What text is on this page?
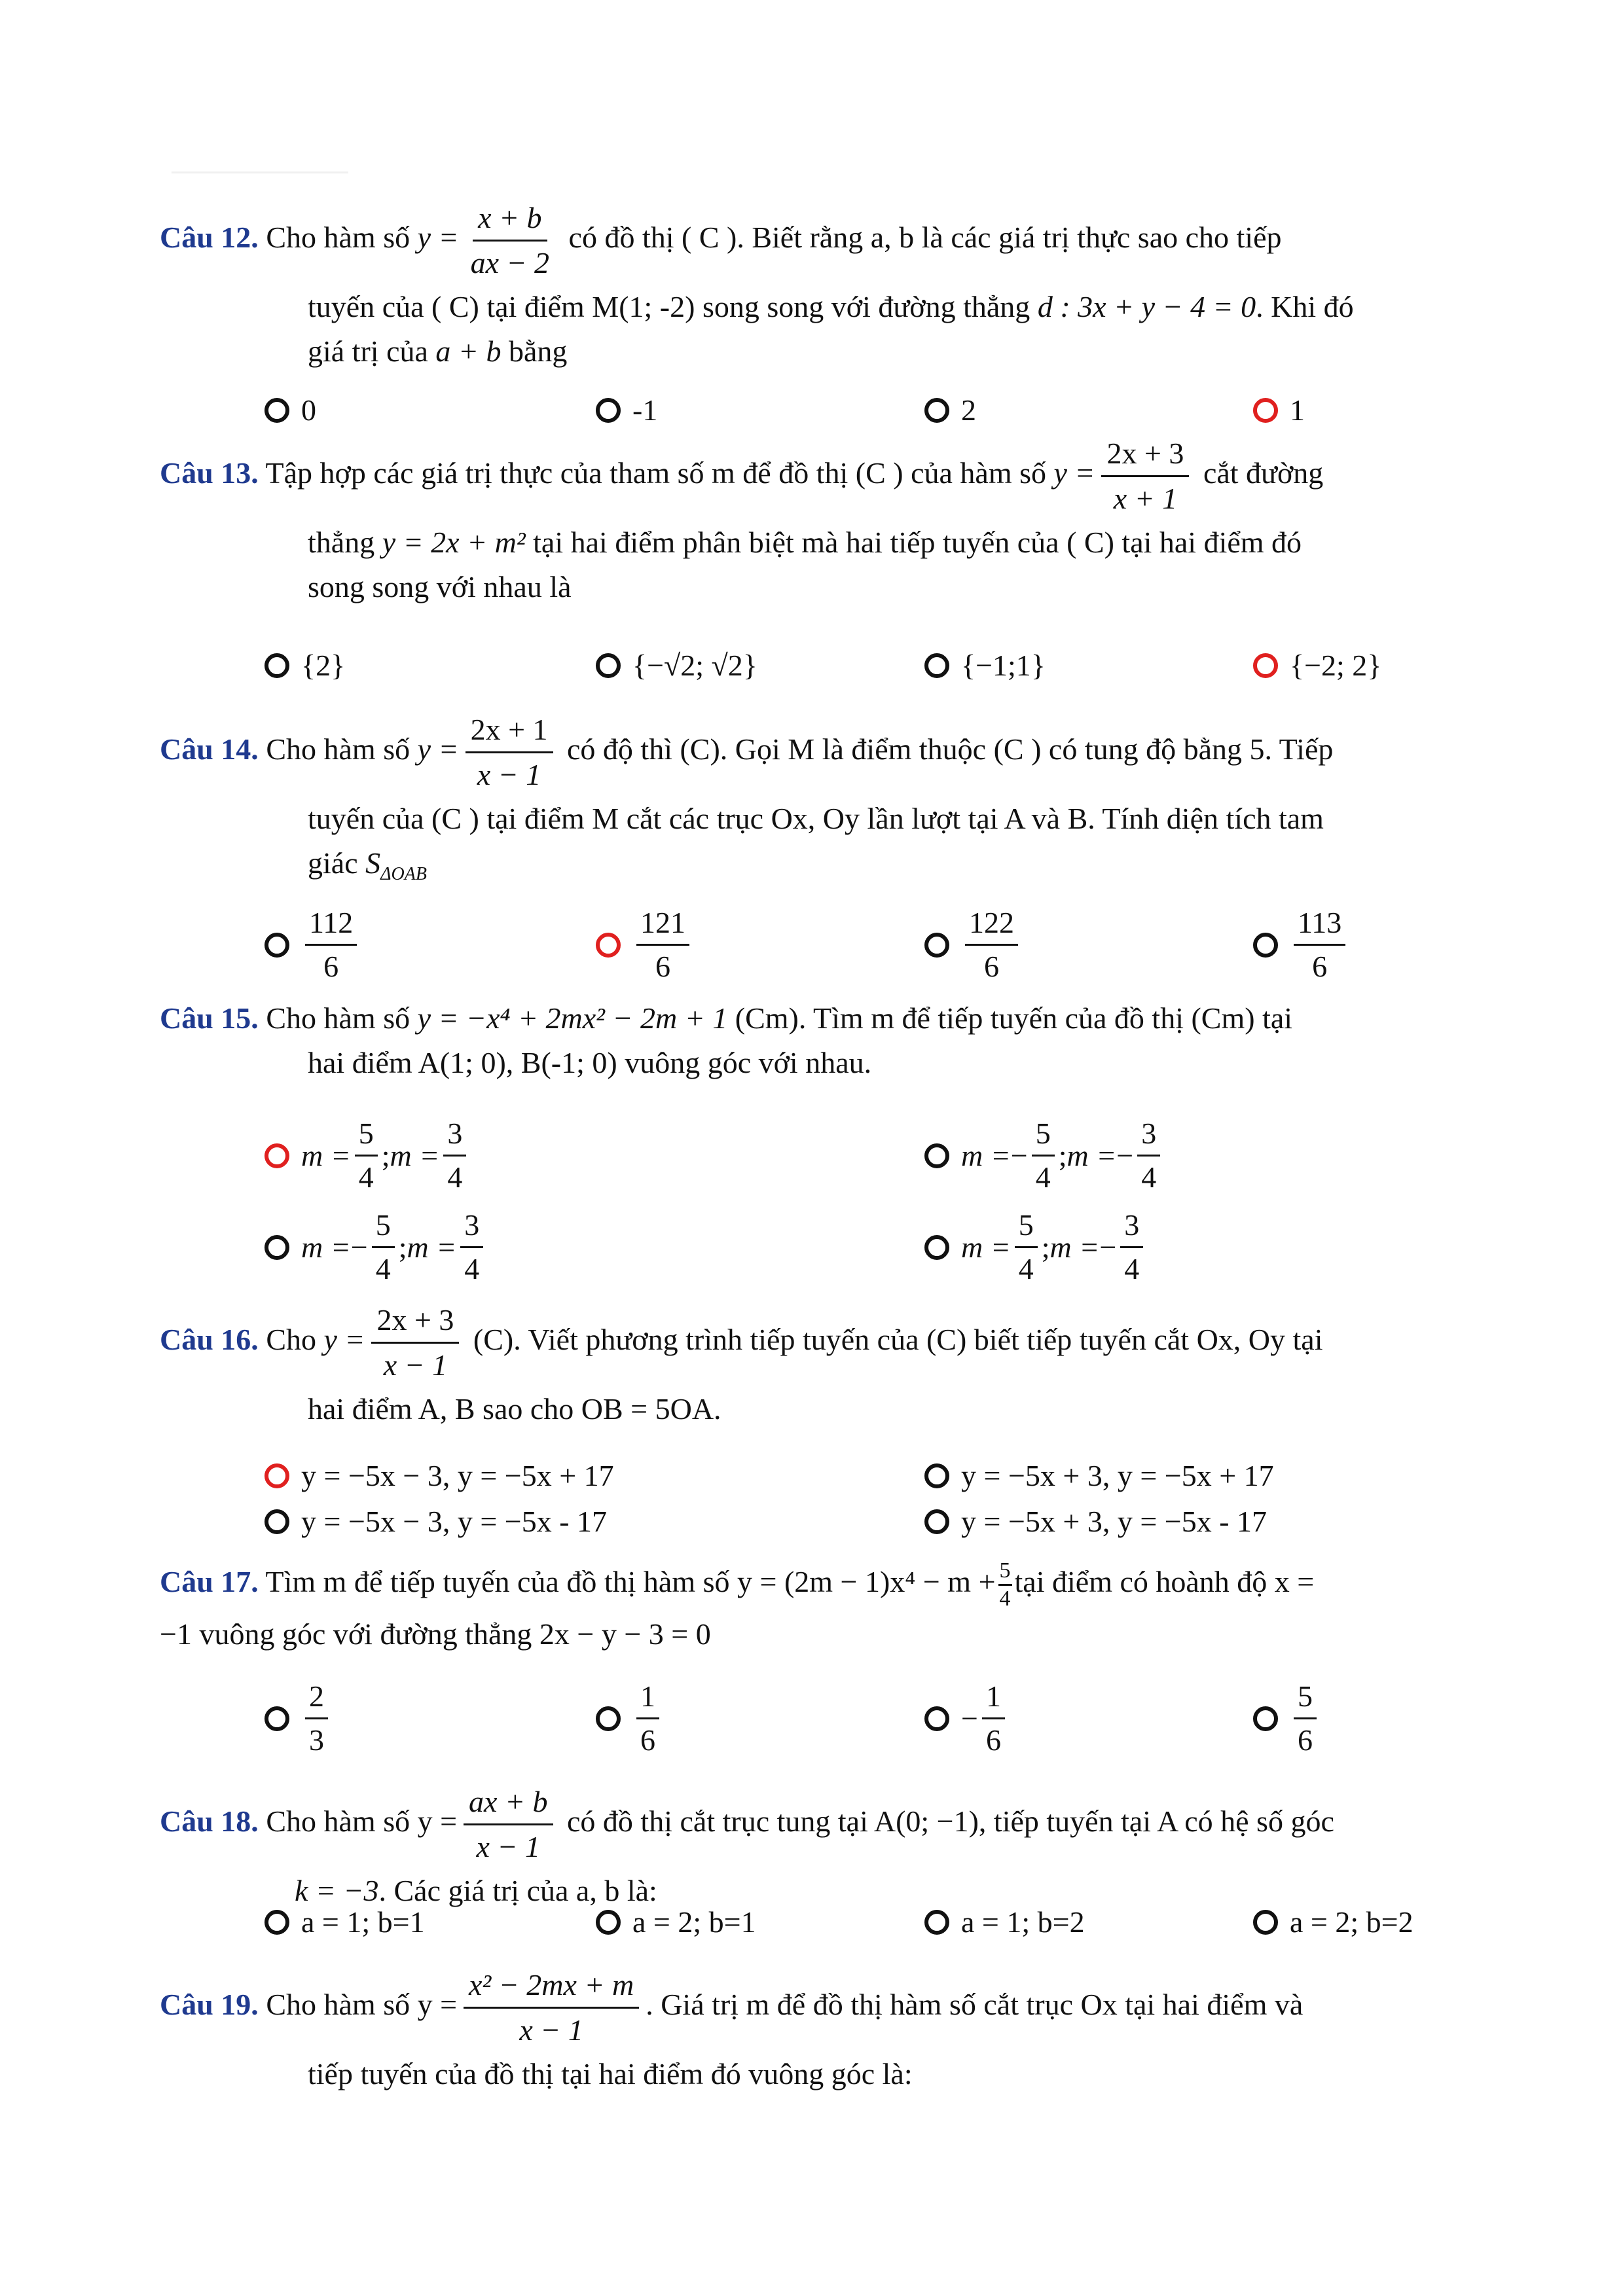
Câu 12. Cho hàm số $y = \frac{x + b}{ax - 2}$ có đồ thị ( C ). Biết rằng a, b là các giá trị thực sao cho tiếp
tuyến của ( C) tại điểm M(1; -2) song song với đường thẳng d : 3x + y − 4 = 0. Khi đó
giá trị của a + b bằng
0	-1	2	1
Câu 13. Tập hợp các giá trị thực của tham số m để đồ thị (C ) của hàm số $y = \frac{2x + 3}{x + 1}$ cắt đường
thẳng y = 2x + m² tại hai điểm phân biệt mà hai tiếp tuyến của ( C) tại hai điểm đó
song song với nhau là
{2}	{−√2; √2}	{−1;1}	{−2; 2}
Câu 14. Cho hàm số $y = \frac{2x + 1}{x - 1}$ có độ thì (C). Gọi M là điểm thuộc (C ) có tung độ bằng 5. Tiếp
tuyến của (C ) tại điểm M cắt các trục Ox, Oy lần lượt tại A và B. Tính diện tích tam
giác $S_{\Delta OAB}$
$\frac{112}{6}$	$\frac{121}{6}$	$\frac{122}{6}$	$\frac{113}{6}$
Câu 15. Cho hàm số y = −x⁴ + 2mx² − 2m + 1 (Cm). Tìm m để tiếp tuyến của đồ thị (Cm) tại
hai điểm A(1; 0), B(-1; 0) vuông góc với nhau.
$m = \frac{5}{4}$ ; $m = \frac{3}{4}$	m = − $\frac{5}{4}$ ; m = − $\frac{3}{4}$
m = − $\frac{5}{4}$ ; $m = \frac{3}{4}$	$m = \frac{5}{4}$ ; m = − $\frac{3}{4}$
Câu 16. Cho $y = \frac{2x + 3}{x - 1} (C)$. Viết phương trình tiếp tuyến của (C) biết tiếp tuyến cắt Ox, Oy tại
hai điểm A, B sao cho OB = 5OA.
y = −5x − 3, y = −5x + 17	y = −5x + 3, y = −5x + 17
y = −5x − 3, y = −5x - 17	y = −5x + 3, y = −5x - 17
Câu 17. Tìm m để tiếp tuyến của đồ thị hàm số $y = (2m - 1)x^4 - m + \frac{5}{4}$ tại điểm có hoành độ x =
−1 vuông góc với đường thẳng 2x − y − 3 = 0
$\frac{2}{3}$	$\frac{1}{6}$	− $\frac{1}{6}$	$\frac{5}{6}$
Câu 18. Cho hàm số $y = \frac{ax + b}{x - 1}$ có đồ thị cắt trục tung tại A(0; −1), tiếp tuyến tại A có hệ số góc
k = −3. Các giá trị của a, b là:
a = 1; b=1	a = 2; b=1	a = 1; b=2	a = 2; b=2
Câu 19. Cho hàm số $y = \frac{\text{x² − 2mx + m}}{x - 1}$ . Giá trị m để đồ thị hàm số cắt trục Ox tại hai điểm và
tiếp tuyến của đồ thị tại hai điểm đó vuông góc là:
